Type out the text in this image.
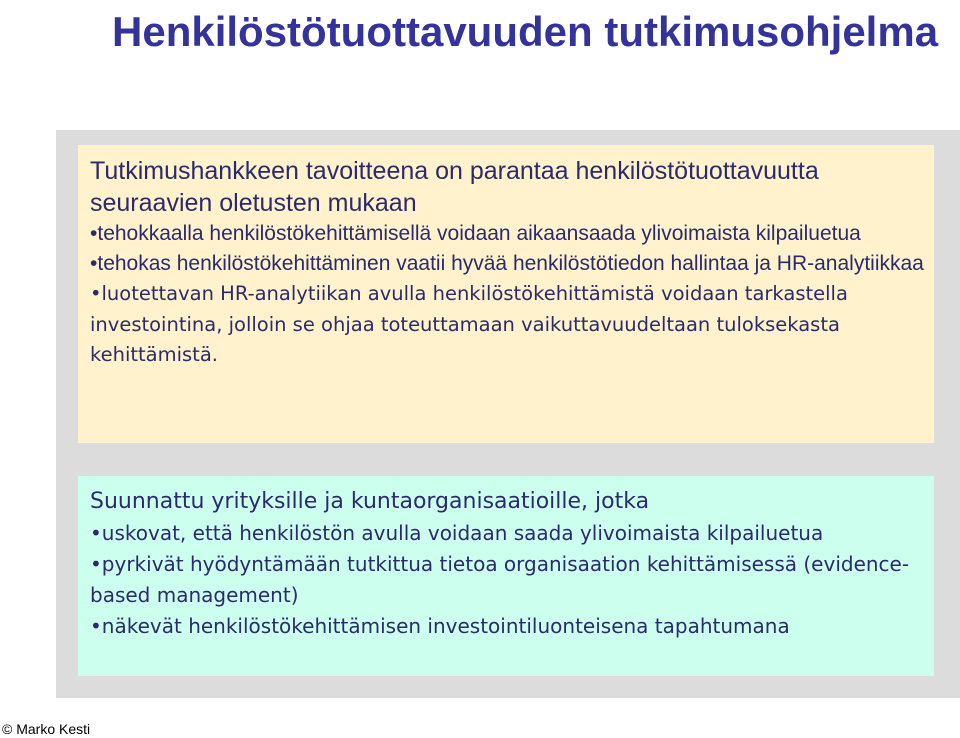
Henkilöstötuottavuuden tutkimusohjelma
Tutkimushankkeen tavoitteena on parantaa henkilöstötuottavuutta seuraavien oletusten mukaan
•tehokkaalla henkilöstökehittämisellä voidaan aikaansaada ylivoimaista kilpailuetua
•tehokas henkilöstökehittäminen vaatii hyvää henkilöstötiedon hallintaa ja HR-analytiikkaa
•luotettavan HR-analytiikan avulla henkilöstökehittämistä voidaan tarkastella investointina, jolloin se ohjaa toteuttamaan vaikuttavuudeltaan tuloksekasta kehittämistä.
Suunnattu yrityksille ja kuntaorganisaatioille, jotka
•uskovat, että henkilöstön avulla voidaan saada ylivoimaista kilpailuetua
•pyrkivät hyödyntämään tutkittua tietoa organisaation kehittämisessä (evidence-based management)
•näkevät henkilöstökehittämisen investointiluonteisena tapahtumana
© Marko Kesti
